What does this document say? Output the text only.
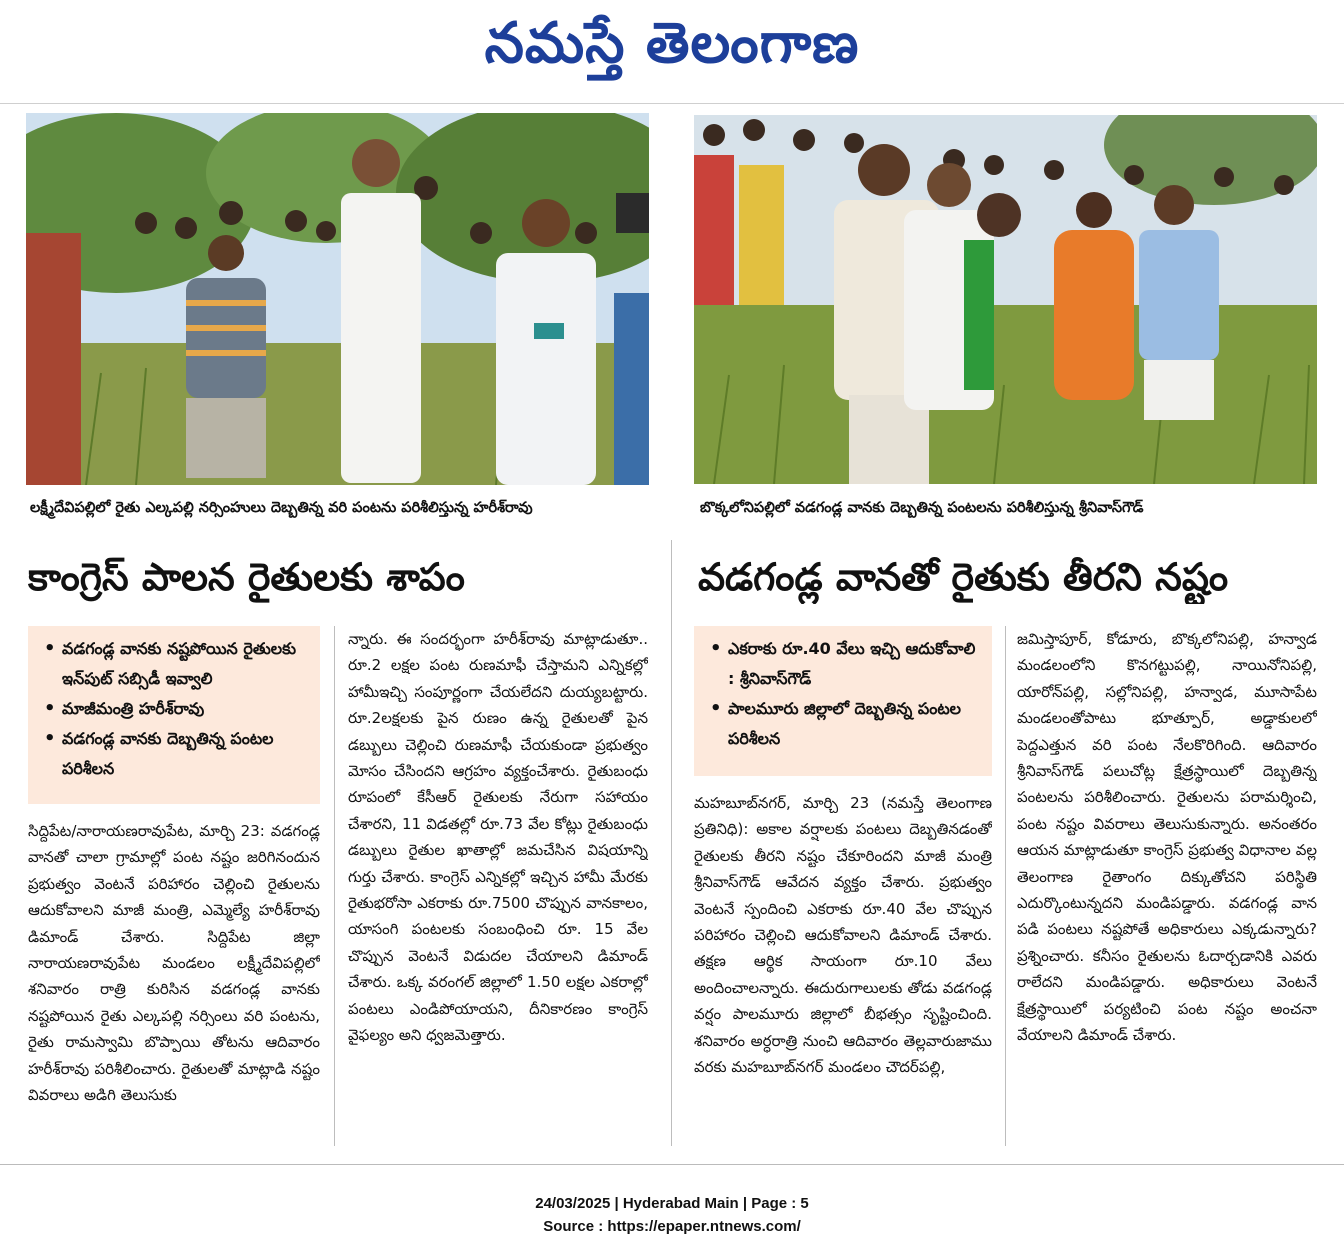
నమస్తే తెలంగాణ
లక్ష్మీదేవిపల్లిలో రైతు ఎల్కపల్లి నర్సింహులు దెబ్బతిన్న వరి పంటను పరిశీలిస్తున్న హరీశ్‌రావు	బొక్కలోనిపల్లిలో వడగండ్ల వానకు దెబ్బతిన్న పంటలను పరిశీలిస్తున్న శ్రీనివాస్‌గౌడ్‌
కాంగ్రెస్‌ పాలన రైతులకు శాపం	వడగండ్ల వానతో రైతుకు తీరని నష్టం
• వడగండ్ల వానకు నష్టపోయిన రైతులకు ఇన్‌పుట్‌ సబ్సిడీ ఇవ్వాలి
• మాజీమంత్రి హరీశ్‌రావు
• వడగండ్ల వానకు దెబ్బతిన్న పంటల పరిశీలన

సిద్దిపేట/నారాయణరావుపేట, మార్చి 23: వడగండ్ల వానతో చాలా గ్రామాల్లో పంట నష్టం జరిగినందున ప్రభుత్వం వెంటనే పరిహారం చెల్లించి రైతులను ఆదుకోవాలని మాజీ మంత్రి, ఎమ్మెల్యే హరీశ్‌రావు డిమాండ్‌ చేశారు. సిద్దిపేట జిల్లా నారాయణరావుపేట మండలం లక్ష్మీదేవిపల్లిలో శనివారం రాత్రి కురిసిన వడగండ్ల వానకు నష్టపోయిన రైతు ఎల్కపల్లి నర్సింలు వరి పంటను, రైతు రామస్వామి బొప్పాయి తోటను ఆదివారం హరీశ్‌రావు పరిశీలించారు. రైతులతో మాట్లాడి నష్టం వివరాలు అడిగి తెలుసుకు

న్నారు. ఈ సందర్భంగా హరీశ్‌రావు మాట్లాడుతూ.. రూ.2 లక్షల పంట రుణమాఫీ చేస్తామని ఎన్నికల్లో హామీఇచ్చి సంపూర్ణంగా చేయలేదని దుయ్యబట్టారు. రూ.2లక్షలకు పైన రుణం ఉన్న రైతులతో పైన డబ్బులు చెల్లించి రుణమాఫీ చేయకుండా ప్రభుత్వం మోసం చేసిందని ఆగ్రహం వ్యక్తంచేశారు. రైతుబంధు రూపంలో కేసీఆర్‌ రైతులకు నేరుగా సహాయం చేశారని, 11 విడతల్లో రూ.73 వేల కోట్లు రైతుబంధు డబ్బులు రైతుల ఖాతాల్లో జమచేసిన విషయాన్ని గుర్తు చేశారు. కాంగ్రెస్‌ ఎన్నికల్లో ఇచ్చిన హామీ మేరకు రైతుభరోసా ఎకరాకు రూ.7500 చొప్పున వానకాలం, యాసంగి పంటలకు సంబంధించి రూ. 15 వేల చొప్పున వెంటనే విడుదల చేయాలని డిమాండ్‌ చేశారు. ఒక్క వరంగల్‌ జిల్లాలో 1.50 లక్షల ఎకరాల్లో పంటలు ఎండిపోయాయని, దీనికారణం కాంగ్రెస్‌ వైఫల్యం అని ధ్వజమెత్తారు.

• ఎకరాకు రూ.40 వేలు ఇచ్చి ఆదుకోవాలి : శ్రీనివాస్‌గౌడ్‌
• పాలమూరు జిల్లాలో దెబ్బతిన్న పంటల పరిశీలన

మహబూబ్‌నగర్‌, మార్చి 23 (నమస్తే తెలంగాణ ప్రతినిధి): అకాల వర్షాలకు పంటలు దెబ్బతినడంతో రైతులకు తీరని నష్టం చేకూరిందని మాజీ మంత్రి శ్రీనివాస్‌గౌడ్‌ ఆవేదన వ్యక్తం చేశారు. ప్రభుత్వం వెంటనే స్పందించి ఎకరాకు రూ.40 వేల చొప్పున పరిహారం చెల్లించి ఆదుకోవాలని డిమాండ్‌ చేశారు. తక్షణ ఆర్థిక సాయంగా రూ.10 వేలు అందించాలన్నారు. ఈదురుగాలులకు తోడు వడగండ్ల వర్షం పాలమూరు జిల్లాలో బీభత్సం సృష్టించింది. శనివారం అర్ధరాత్రి నుంచి ఆదివారం తెల్లవారుజాము వరకు మహబూబ్‌నగర్‌ మండలం చౌదర్‌పల్లి,

జమిస్తాపూర్‌, కోడూరు, బొక్కలోనిపల్లి, హన్వాడ మండలంలోని కొనగట్టుపల్లి, నాయినోనిపల్లి, యారోన్‌పల్లి, సల్లోనిపల్లి, హన్వాడ, మూసాపేట మండలంతోపాటు భూత్పూర్‌, అడ్డాకులలో పెద్దఎత్తున వరి పంట నేలకొరిగింది. ఆదివారం శ్రీనివాస్‌గౌడ్‌ పలుచోట్ల క్షేత్రస్థాయిలో దెబ్బతిన్న పంటలను పరిశీలించారు. రైతులను పరామర్శించి, పంట నష్టం వివరాలు తెలుసుకున్నారు. అనంతరం ఆయన మాట్లాడుతూ కాంగ్రెస్‌ ప్రభుత్వ విధానాల వల్ల తెలంగాణ రైతాంగం దిక్కుతోచని పరిస్థితి ఎదుర్కొంటున్నదని మండిపడ్డారు. వడగండ్ల వాన పడి పంటలు నష్టపోతే అధికారులు ఎక్కడున్నారు? ప్రశ్నించారు. కనీసం రైతులను ఓదార్చడానికి ఎవరు రాలేదని మండిపడ్డారు. అధికారులు వెంటనే క్షేత్రస్థాయిలో పర్యటించి పంట నష్టం అంచనా వేయాలని డిమాండ్‌ చేశారు.

24/03/2025 | Hyderabad Main | Page : 5
Source : https://epaper.ntnews.com/
